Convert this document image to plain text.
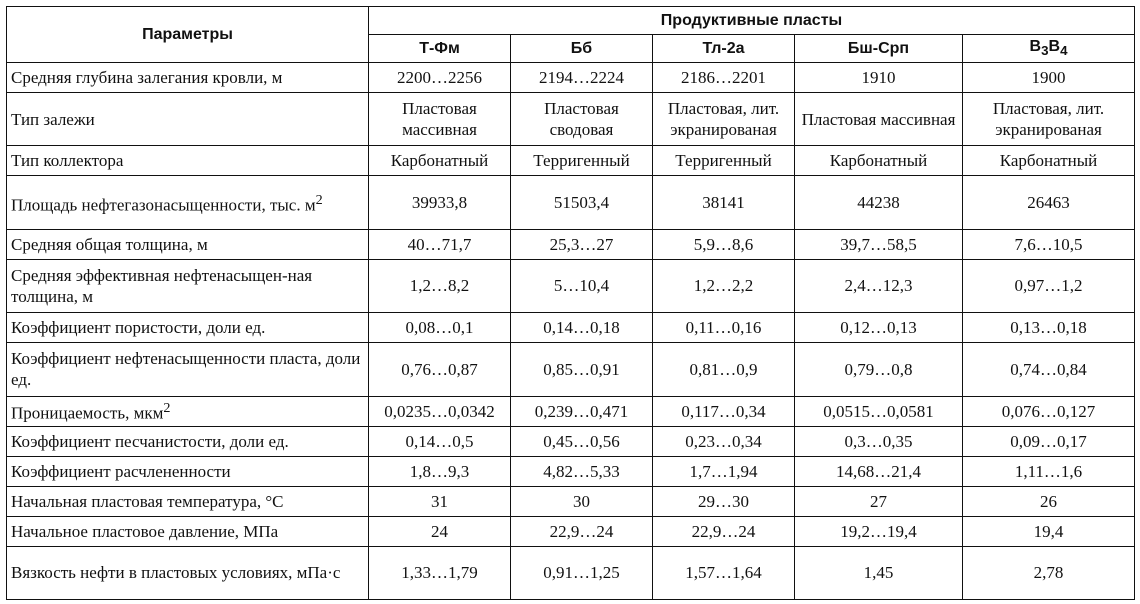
Параметры	Продуктивные пласты				
	Т-Фм	Бб	Тл-2а	Бш-Срп	$В_3В_4$
Средняя глубина залегания кровли, м	2200…2256	2194…2224	2186…2201	1910	1900
Тип залежи	Пластовая массивная	Пластовая сводовая	Пластовая, лит. экранированая	Пластовая массивная	Пластовая, лит. экранированая
Тип коллектора	Карбонатный	Терригенный	Терригенный	Карбонатный	Карбонатный
Площадь нефтегазонасыщенности, тыс. $м^2$	39933,8	51503,4	38141	44238	26463
Средняя общая толщина, м	40…71,7	25,3…27	5,9…8,6	39,7…58,5	7,6…10,5
Средняя эффективная нефтенасыщен-ная толщина, м	1,2…8,2	5…10,4	1,2…2,2	2,4…12,3	0,97…1,2
Коэффициент пористости, доли ед.	0,08…0,1	0,14…0,18	0,11…0,16	0,12…0,13	0,13…0,18
Коэффициент нефтенасыщенности пласта, доли ед.	0,76…0,87	0,85…0,91	0,81…0,9	0,79…0,8	0,74…0,84
Проницаемость, мкм$^2$	0,0235…0,0342	0,239…0,471	0,117…0,34	0,0515…0,0581	0,076…0,127
Коэффициент песчанистости, доли ед.	0,14…0,5	0,45…0,56	0,23…0,34	0,3…0,35	0,09…0,17
Коэффициент расчлененности	1,8…9,3	4,82…5,33	1,7…1,94	14,68…21,4	1,11…1,6
Начальная пластовая температура, °С	31	30	29…30	27	26
Начальное пластовое давление, МПа	24	22,9…24	22,9…24	19,2…19,4	19,4
Вязкость нефти в пластовых условиях, мПа·с	1,33…1,79	0,91…1,25	1,57…1,64	1,45	2,78
